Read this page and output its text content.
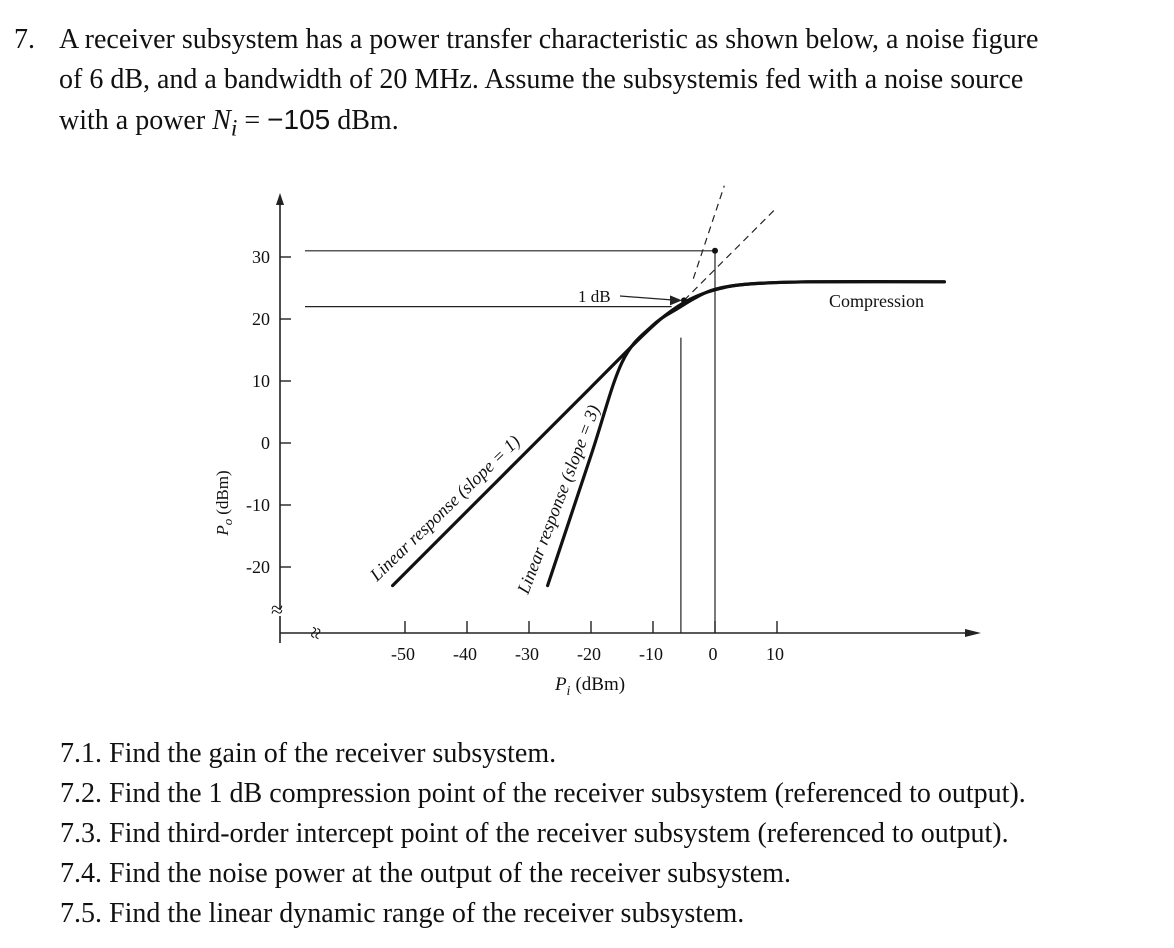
7. A receiver subsystem has a power transfer characteristic as shown below, a noise figure
of 6 dB, and a bandwidth of 20 MHz. Assume the subsystemis fed with a noise source
with a power $N_i = -105$ dBm.
≈
≈
30
20
10
0
-10
-20
-50 -40 -30 -20 -10	0	10
$P_o(dBm)$
$P_i$ (dBm)
1 dB	Compression
Linear response (slope = 1)
Linear response (slope = 3)
7.1. Find the gain of the receiver subsystem.
7.2. Find the 1 dB compression point of the receiver subsystem (referenced to output).
7.3. Find third-order intercept point of the receiver subsystem (referenced to output).
7.4. Find the noise power at the output of the receiver subsystem.
7.5. Find the linear dynamic range of the receiver subsystem.
